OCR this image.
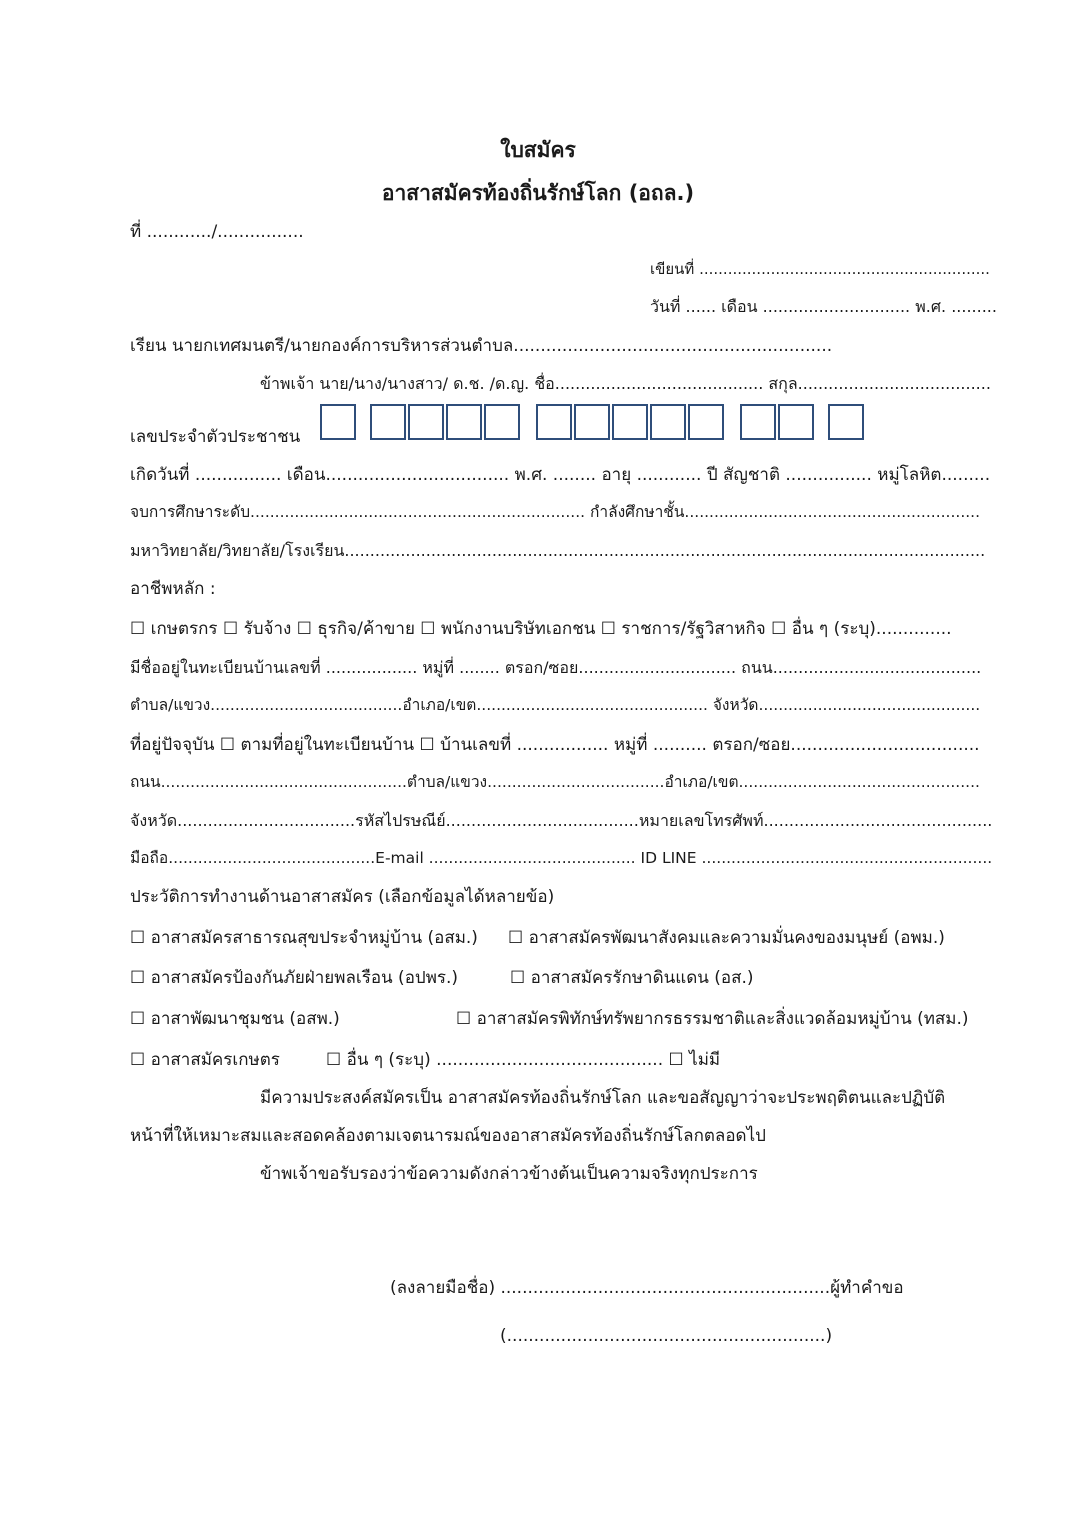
ใบสมัคร
อาสาสมัครท้องถิ่นรักษ์โลก (อถล.)
ที่ ............/................
เขียนที่ .............................................................
วันที่ ...... เดือน ............................. พ.ศ. .........
เรียน นายกเทศมนตรี/นายกองค์การบริหารส่วนตำบล...........................................................
ข้าพเจ้า นาย/นาง/นางสาว/ ด.ช. /ด.ญ. ชื่อ......................................... สกุล......................................
เลขประจำตัวประชาชน
เกิดวันที่ ................ เดือน.................................. พ.ศ. ........ อายุ ............ ปี สัญชาติ ................ หมู่โลหิต.........
จบการศึกษาระดับ.................................................................... กำลังศึกษาชั้น............................................................
มหาวิทยาลัย/วิทยาลัย/โรงเรียน..............................................................................................................................
อาชีพหลัก :
☐ เกษตรกร ☐ รับจ้าง ☐ ธุรกิจ/ค้าขาย ☐ พนักงานบริษัทเอกชน ☐ ราชการ/รัฐวิสาหกิจ ☐ อื่น ๆ (ระบุ)..............
มีชื่ออยู่ในทะเบียนบ้านเลขที่ .................. หมู่ที่ ........ ตรอก/ซอย............................... ถนน.........................................
ตำบล/แขวง.......................................อำเภอ/เขต............................................... จังหวัด.............................................
ที่อยู่ปัจจุบัน ☐ ตามที่อยู่ในทะเบียนบ้าน ☐ บ้านเลขที่ ................. หมู่ที่ .......... ตรอก/ซอย...................................
ถนน..................................................ตำบล/แขวง....................................อำเภอ/เขต.................................................
จังหวัด...................................รหัสไปรษณีย์......................................หมายเลขโทรศัพท์.............................................
มือถือ..........................................E-mail .......................................... ID LINE ...........................................................
ประวัติการทำงานด้านอาสาสมัคร (เลือกข้อมูลได้หลายข้อ)
☐ อาสาสมัครสาธารณสุขประจำหมู่บ้าน (อสม.) ☐ อาสาสมัครพัฒนาสังคมและความมั่นคงของมนุษย์ (อพม.)
☐ อาสาสมัครป้องกันภัยฝ่ายพลเรือน (อปพร.)	☐ อาสาสมัครรักษาดินแดน (อส.)
☐ อาสาพัฒนาชุมชน (อสพ.)	☐ อาสาสมัครพิทักษ์ทรัพยากรธรรมชาติและสิ่งแวดล้อมหมู่บ้าน (ทสม.)
☐ อาสาสมัครเกษตร	☐ อื่น ๆ (ระบุ) .......................................... ☐ ไม่มี
มีความประสงค์สมัครเป็น อาสาสมัครท้องถิ่นรักษ์โลก และขอสัญญาว่าจะประพฤติตนและปฏิบัติ
หน้าที่ให้เหมาะสมและสอดคล้องตามเจตนารมณ์ของอาสาสมัครท้องถิ่นรักษ์โลกตลอดไป
ข้าพเจ้าขอรับรองว่าข้อความดังกล่าวข้างต้นเป็นความจริงทุกประการ
(ลงลายมือชื่อ) .............................................................ผู้ทำคำขอ
(...........................................................)
